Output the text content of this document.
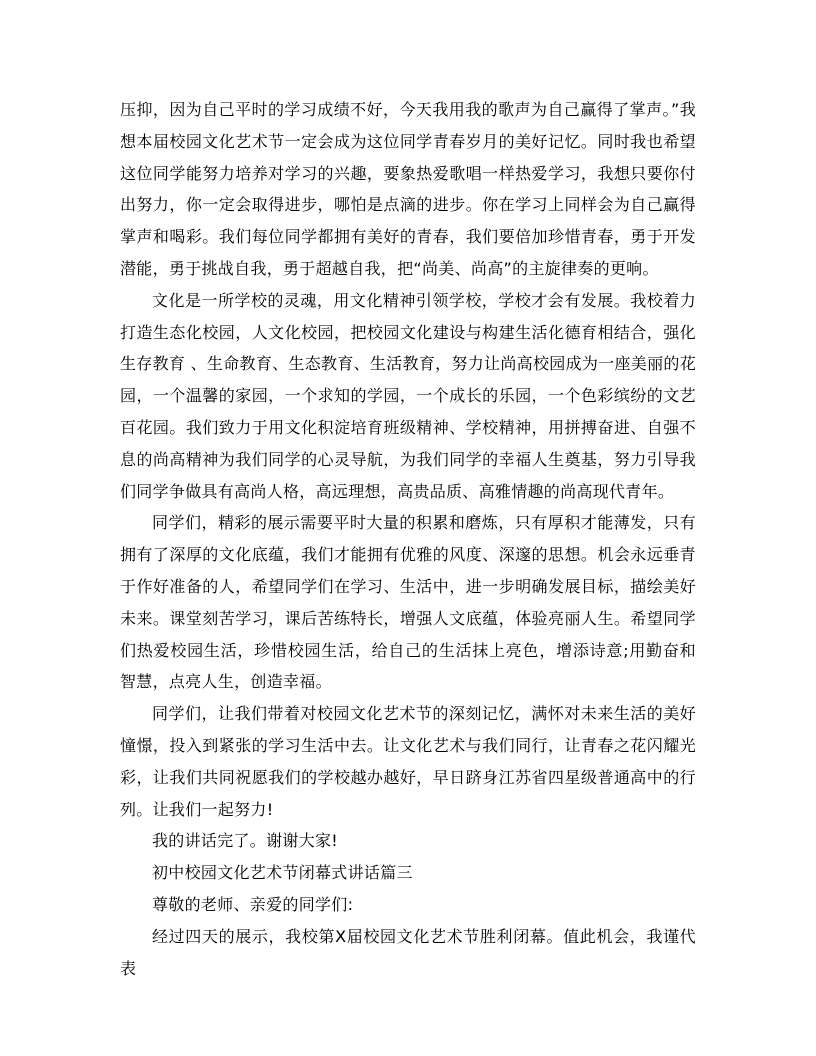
压抑，因为自己平时的学习成绩不好，今天我用我的歌声为自己赢得了掌声。”我想本届校园文化艺术节一定会成为这位同学青春岁月的美好记忆。同时我也希望这位同学能努力培养对学习的兴趣，要象热爱歌唱一样热爱学习，我想只要你付出努力，你一定会取得进步，哪怕是点滴的进步。你在学习上同样会为自己赢得掌声和喝彩。我们每位同学都拥有美好的青春，我们要倍加珍惜青春，勇于开发潜能，勇于挑战自我，勇于超越自我，把“尚美、尚高”的主旋律奏的更响。

文化是一所学校的灵魂，用文化精神引领学校，学校才会有发展。我校着力打造生态化校园，人文化校园，把校园文化建设与构建生活化德育相结合，强化生存教育 、生命教育、生态教育、生活教育，努力让尚高校园成为一座美丽的花园，一个温馨的家园，一个求知的学园，一个成长的乐园，一个色彩缤纷的文艺百花园。我们致力于用文化积淀培育班级精神、学校精神，用拼搏奋进、自强不息的尚高精神为我们同学的心灵导航，为我们同学的幸福人生奠基，努力引导我们同学争做具有高尚人格，高远理想，高贵品质、高雅情趣的尚高现代青年。

同学们，精彩的展示需要平时大量的积累和磨炼，只有厚积才能薄发，只有拥有了深厚的文化底蕴，我们才能拥有优雅的风度、深邃的思想。机会永远垂青于作好准备的人，希望同学们在学习、生活中，进一步明确发展目标，描绘美好未来。课堂刻苦学习，课后苦练特长，增强人文底蕴，体验亮丽人生。希望同学们热爱校园生活，珍惜校园生活，给自己的生活抹上亮色，增添诗意;用勤奋和智慧，点亮人生，创造幸福。

同学们，让我们带着对校园文化艺术节的深刻记忆，满怀对未来生活的美好憧憬，投入到紧张的学习生活中去。让文化艺术与我们同行，让青春之花闪耀光彩，让我们共同祝愿我们的学校越办越好，早日跻身江苏省四星级普通高中的行列。让我们一起努力!

我的讲话完了。谢谢大家!

初中校园文化艺术节闭幕式讲话篇三

尊敬的老师、亲爱的同学们:

经过四天的展示，我校第Ⅹ届校园文化艺术节胜利闭幕。值此机会，我谨代表
